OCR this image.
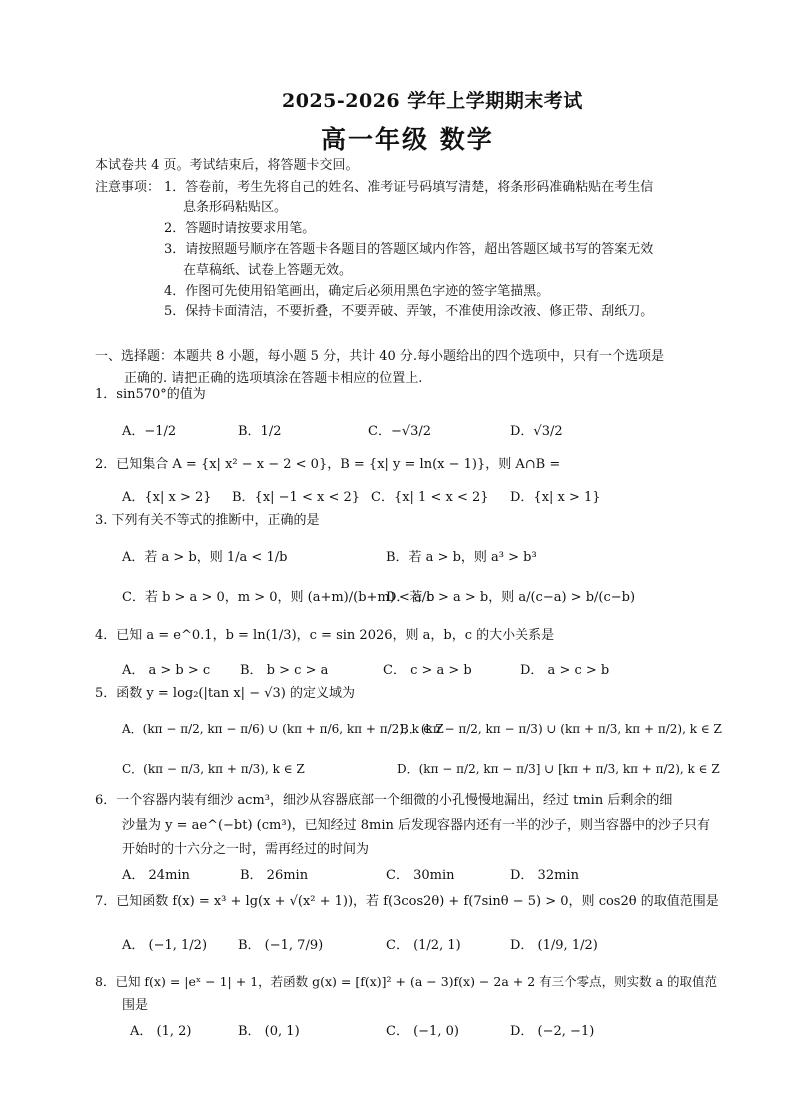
2025-2026 学年上学期期末考试
高一年级 数学
本试卷共 4 页。考试结束后，将答题卡交回。
注意事项： 1．答卷前，考生先将自己的姓名、准考证号码填写清楚，将条形码准确粘贴在考生信
息条形码粘贴区。
2．答题时请按要求用笔。
3．请按照题号顺序在答题卡各题目的答题区域内作答，超出答题区域书写的答案无效
在草稿纸、试卷上答题无效。
4．作图可先使用铅笔画出，确定后必须用黑色字迹的签字笔描黑。
5．保持卡面清洁，不要折叠，不要弄破、弄皱，不准使用涂改液、修正带、刮纸刀。
一、选择题：本题共 8 小题，每小题 5 分，共计 40 分.每小题给出的四个选项中，只有一个选项是
正确的. 请把正确的选项填涂在答题卡相应的位置上.
1．sin570°的值为
A．−1/2	B．1/2	C．−√3/2	D．√3/2
2．已知集合 A = {x| x² − x − 2 < 0}，B = {x| y = ln(x − 1)}，则 A∩B =
A．{x| x > 2} B．{x| −1 < x < 2} C．{x| 1 < x < 2} D．{x| x > 1}
3. 下列有关不等式的推断中，正确的是
A．若 a > b，则 1/a < 1/b	B．若 a > b，则 a³ > b³
C．若 b > a > 0，m > 0，则 (a+m)/(b+m) < a/b
D．若 c > a > b，则 a/(c−a) > b/(c−b)
4．已知 a = e^0.1，b = ln(1/3)，c = sin 2026，则 a，b，c 的大小关系是
A． a > b > c B． b > c > a	C． c > a > b	D． a > c > b
5．函数 y = log₂(|tan x| − √3) 的定义域为
A．(kπ − π/2, kπ − π/6) ∪ (kπ + π/6, kπ + π/2), k ∈ Z
B．(kπ − π/2, kπ − π/3) ∪ (kπ + π/3, kπ + π/2), k ∈ Z
C．(kπ − π/3, kπ + π/3), k ∈ Z	D．(kπ − π/2, kπ − π/3] ∪ [kπ + π/3, kπ + π/2), k ∈ Z
6．一个容器内装有细沙 acm³，细沙从容器底部一个细微的小孔慢慢地漏出，经过 tmin 后剩余的细
沙量为 y = ae^(−bt) (cm³)，已知经过 8min 后发现容器内还有一半的沙子，则当容器中的沙子只有
开始时的十六分之一时，需再经过的时间为
A． 24min	B． 26min	C． 30min	D． 32min
7．已知函数 f(x) = x³ + lg(x + √(x² + 1))，若 f(3cos2θ) + f(7sinθ − 5) > 0，则 cos2θ 的取值范围是
A． (−1, 1/2) B． (−1, 7/9)	C． (1/2, 1)	D． (1/9, 1/2)
8．已知 f(x) = |eˣ − 1| + 1，若函数 g(x) = [f(x)]² + (a − 3)f(x) − 2a + 2 有三个零点，则实数 a 的取值范
围是
A． (1, 2)	B． (0, 1)	C． (−1, 0)	D． (−2, −1)
